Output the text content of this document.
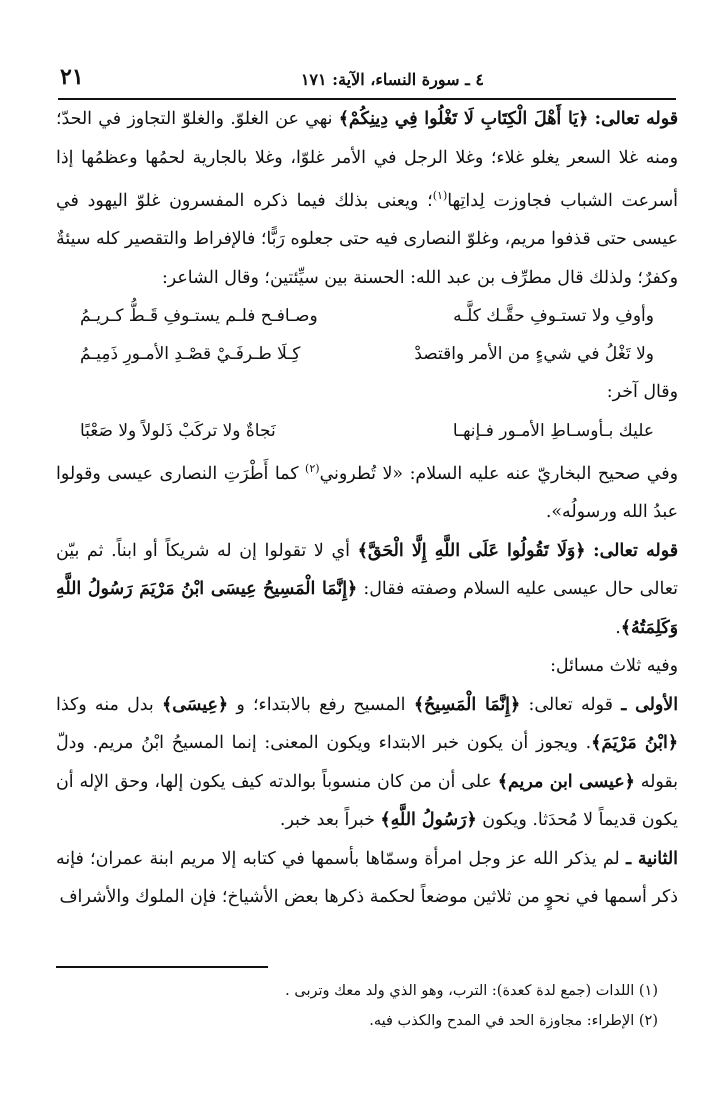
٤ ـ سورة النساء، الآية: ١٧١
٢١

قوله تعالى: ﴿يَا أَهْلَ الْكِتَابِ لَا تَغْلُوا فِي دِينِكُمْ﴾ نهي عن الغلوّ. والغلوّ التجاوز في الحدّ؛ ومنه غلا السعر يغلو غلاء؛ وغلا الرجل في الأمر غلوّا، وغلا بالجارية لحمُها وعظمُها إذا أسرعت الشباب فجاوزت لِداتِها$^{(١)}$؛ ويعنى بذلك فيما ذكره المفسرون غلوّ اليهود في عيسى حتى قذفوا مريم، وغلوّ النصارى فيه حتى جعلوه رَبًّا؛ فالإفراط والتقصير كله سيئةٌ وكفرٌ؛ ولذلك قال مطرِّف بن عبد الله: الحسنة بين سيِّئتين؛ وقال الشاعر:

وأوفِ ولا تستـوفِ حقَّـك كلَّـه
وصـافـح فلـم يستـوفِ قَـطُّ كـريـمُ
ولا تَغْلُ في شيءٍ من الأمر واقتصدْ
كِـلَا طـرفَـيْ قصْـدِ الأمـورِ ذَمِيـمُ

وقال آخر:

عليك بـأوسـاطِ الأمـور فـإنهـا
نَجاةٌ ولا تركَبْ ذَلولاً ولا صَعْبًا

وفي صحيح البخاريّ عنه عليه السلام: «لا تُطروني$^{(٢)}$ كما أَطْرَتِ النصارى عيسى وقولوا عبدُ الله ورسولُه».

قوله تعالى: ﴿وَلَا تَقُولُوا عَلَى اللَّهِ إِلَّا الْحَقَّ﴾ أي لا تقولوا إن له شريكاً أو ابناً. ثم بيّن تعالى حال عيسى عليه السلام وصفته فقال: ﴿إِنَّمَا الْمَسِيحُ عِيسَى ابْنُ مَرْيَمَ رَسُولُ اللَّهِ وَكَلِمَتُهُ﴾.

وفيه ثلاث مسائل:

الأولى ـ قوله تعالى: ﴿إِنَّمَا الْمَسِيحُ﴾ المسيح رفع بالابتداء؛ و ﴿عِيسَى﴾ بدل منه وكذا ﴿ابْنُ مَرْيَمَ﴾. ويجوز أن يكون خبر الابتداء ويكون المعنى: إنما المسيحُ ابْنُ مريم. ودلّ بقوله ﴿عيسى ابن مريم﴾ على أن من كان منسوباً بوالدته كيف يكون إلها، وحق الإله أن يكون قديماً لا مُحدَثا. ويكون ﴿رَسُولُ اللَّهِ﴾ خبراً بعد خبر.

الثانية ـ لم يذكر الله عز وجل امرأة وسمّاها بأسمها في كتابه إلا مريم ابنة عمران؛ فإنه ذكر أسمها في نحوٍ من ثلاثين موضعاً لحكمة ذكرها بعض الأشياخ؛ فإن الملوك والأشراف

(١) اللدات (جمع لدة كعدة): الترب، وهو الذي ولد معك وتربى .

(٢) الإطراء: مجاوزة الحد في المدح والكذب فيه.
